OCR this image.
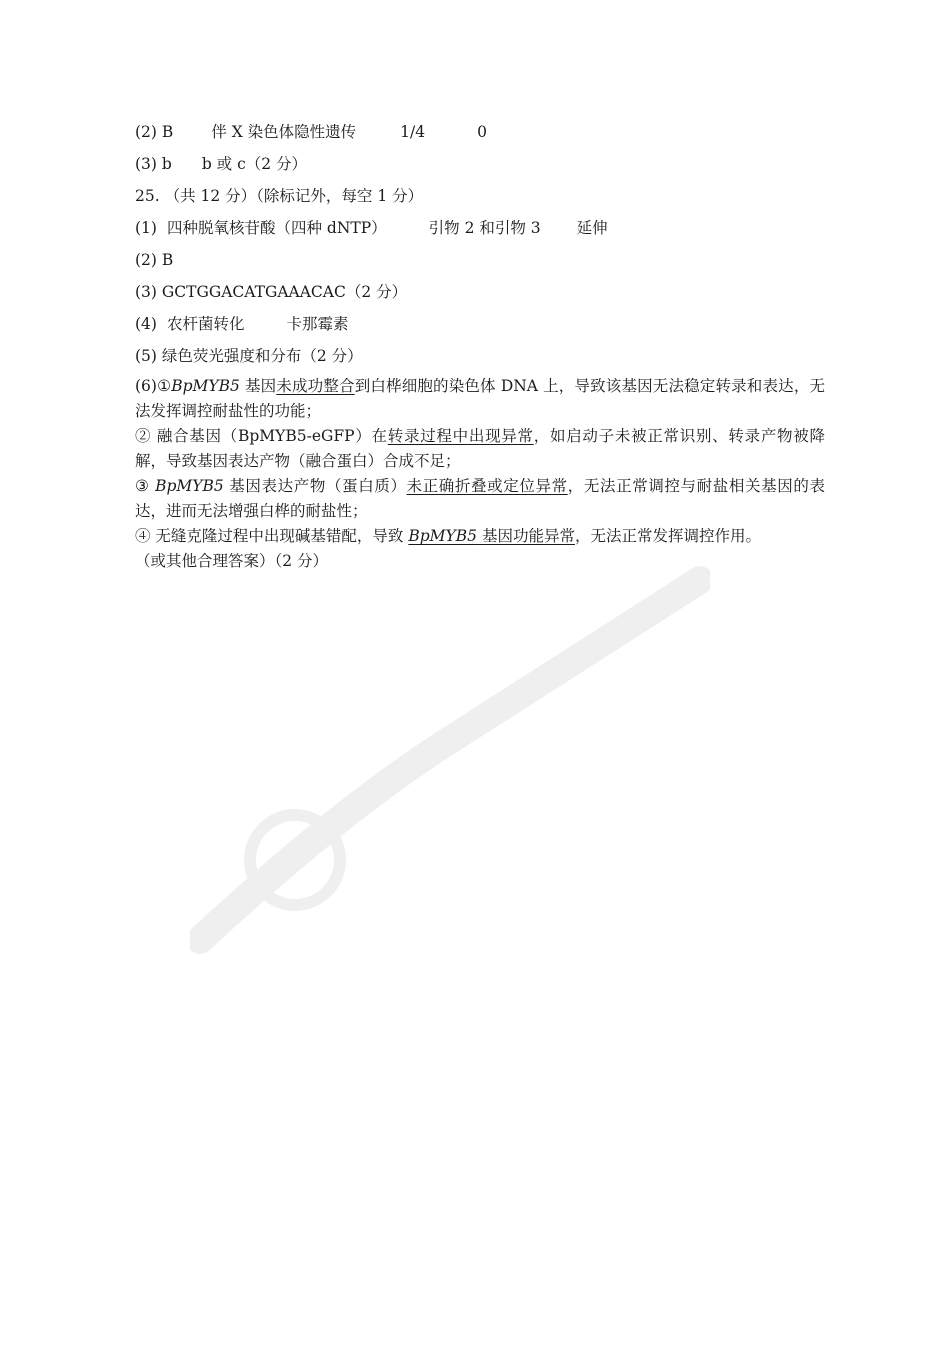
(2) B 伴 X 染色体隐性遗传	1/4	0
(3) b b 或 c（2 分）
25. （共 12 分）（除标记外，每空 1 分）
(1) 四种脱氧核苷酸（四种 dNTP）	引物 2 和引物 3 延伸
(2) B
(3) GCTGGACATGAAACAC（2 分）
(4) 农杆菌转化	卡那霉素
(5) 绿色荧光强度和分布（2 分）

(6)①BpMYB5 基因未成功整合到白桦细胞的染色体 DNA 上，导致该基因无法稳定转录和表达，无法发挥调控耐盐性的功能；

② 融合基因（BpMYB5-eGFP）在转录过程中出现异常，如启动子未被正常识别、转录产物被降解，导致基因表达产物（融合蛋白）合成不足；

③ BpMYB5 基因表达产物（蛋白质）未正确折叠或定位异常，无法正常调控与耐盐相关基因的表达，进而无法增强白桦的耐盐性；

④ 无缝克隆过程中出现碱基错配，导致 BpMYB5 基因功能异常，无法正常发挥调控作用。

（或其他合理答案）（2 分）
